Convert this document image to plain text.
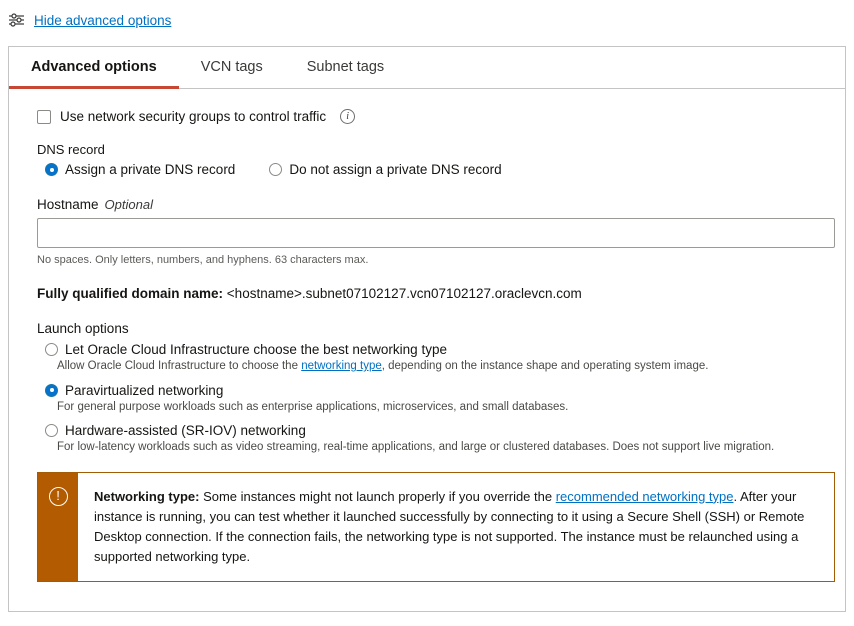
Hide advanced options
Advanced options	VCN tags	Subnet tags
Use network security groups to control traffic	i
DNS record
Assign a private DNS record	Do not assign a private DNS record
Hostname Optional
No spaces. Only letters, numbers, and hyphens. 63 characters max.
Fully qualified domain name: <hostname>.subnet07102127.vcn07102127.oraclevcn.com
Launch options
Let Oracle Cloud Infrastructure choose the best networking type
Allow Oracle Cloud Infrastructure to choose the networking type, depending on the instance shape and operating system image.
Paravirtualized networking
For general purpose workloads such as enterprise applications, microservices, and small databases.
Hardware-assisted (SR-IOV) networking
For low-latency workloads such as video streaming, real-time applications, and large or clustered databases. Does not support live migration.
!	Networking type: Some instances might not launch properly if you override the recommended networking type. After your instance is running, you can test whether it launched successfully by connecting to it using a Secure Shell (SSH) or Remote Desktop connection. If the connection fails, the networking type is not supported. The instance must be relaunched using a supported networking type.
